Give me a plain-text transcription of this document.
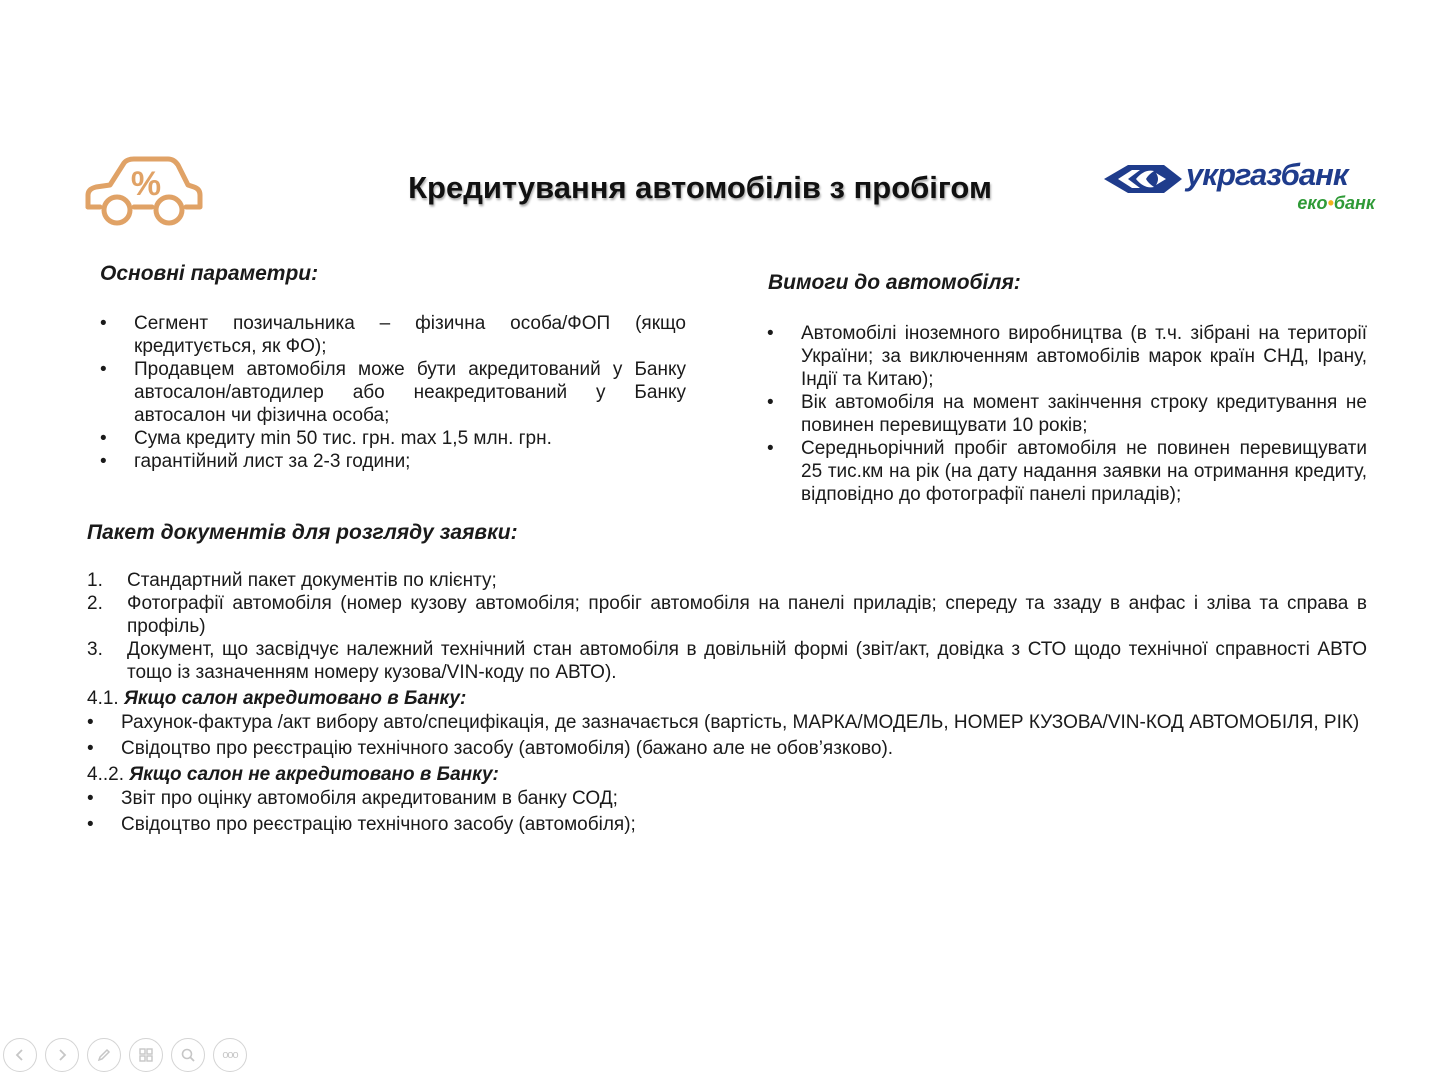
Кредитування автомобілів з пробігом
%	укргазбанк
еко•банк
Основні параметри:
• Сегмент позичальника – фізична особа/ФОП (якщо кредитується, як ФО);
• Продавцем автомобіля може бути акредитований у Банку автосалон/автодилер або неакредитований у Банку автосалон чи фізична особа;
• Сума кредиту min 50 тис. грн. max 1,5 млн. грн.
• гарантійний лист за 2-3 години;
Вимоги до автомобіля:
• Автомобілі іноземного виробництва (в т.ч. зібрані на території України; за виключенням автомобілів марок країн СНД, Ірану, Індії та Китаю);
• Вік автомобіля на момент закінчення строку кредитування не повинен перевищувати 10 років;
• Середньорічний пробіг автомобіля не повинен перевищувати 25 тис.км на рік (на дату надання заявки на отримання кредиту, відповідно до фотографії панелі приладів);
Пакет документів для розгляду заявки:
1. Стандартний пакет документів по клієнту;
2. Фотографії автомобіля (номер кузову автомобіля; пробіг автомобіля на панелі приладів; спереду та ззаду в анфас і зліва та справа в профіль)
3. Документ, що засвідчує належний технічний стан автомобіля в довільній формі (звіт/акт, довідка з СТО щодо технічної справності АВТО тощо із зазначенням номеру кузова/VIN-коду по АВТО).
4.1. Якщо салон акредитовано в Банку:
• Рахунок-фактура /акт вибору авто/специфікація, де зазначається (вартість, МАРКА/МОДЕЛЬ, НОМЕР КУЗОВА/VIN-КОД АВТОМОБІЛЯ, РІК)
• Свідоцтво про реєстрацію технічного засобу (автомобіля) (бажано але не обов’язково).
4..2. Якщо салон не акредитовано в Банку:
• Звіт про оцінку автомобіля акредитованим в банку СОД;
• Свідоцтво про реєстрацію технічного засобу (автомобіля);
ooo
